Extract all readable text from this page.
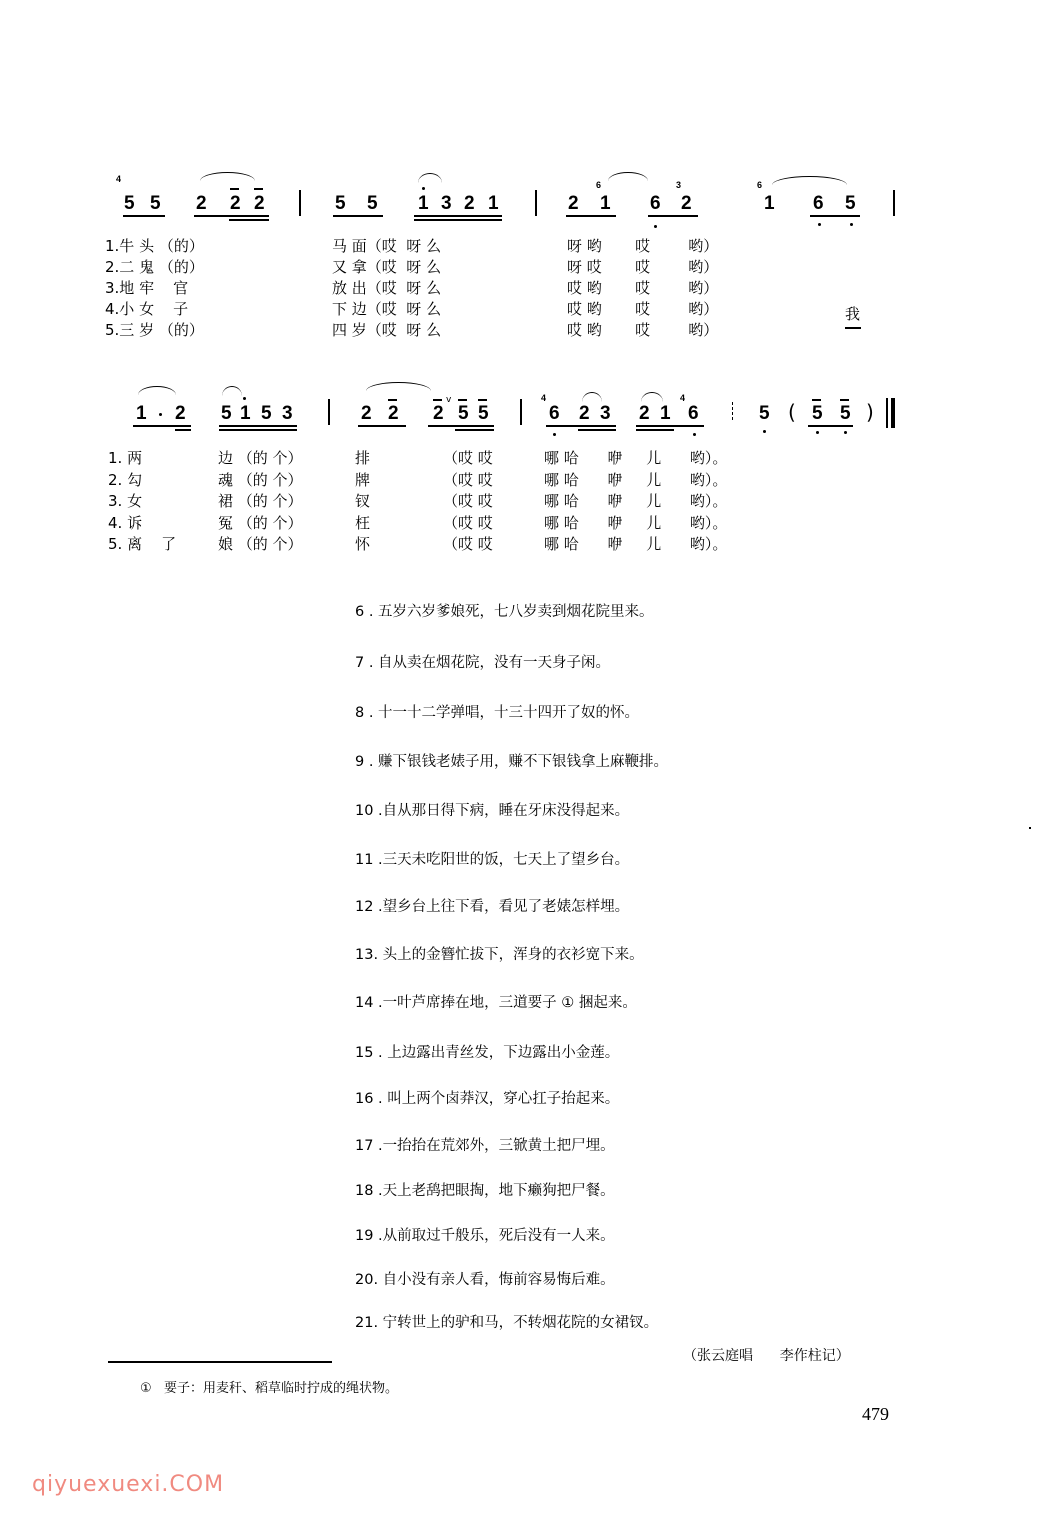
4
5 5 2 2 2	5 5 1 3 2 1	2
6
1 6
3
2
6
1 6 5
1.牛 头 （的）	马 面（哎  呀 么	呀 哟       哎        哟）
2.二 鬼 （的）	又 拿（哎  呀 么	呀 哎       哎        哟）
3.地 牢    官	放 出（哎  呀 么	哎 哟       哎        哟）
4.小 女    子	下 边（哎  呀 么	哎 哟       哎        哟）
5.三 岁 （的）	四 岁（哎  呀 么	哎 哟       哎        哟）
我
1 2 5 1 5 3	2 2 2
v
5 5
4
6 2 3 2 1
4
6	5 ( 5 5 )
1. 两	边 （的 个）	排	（哎 哎	哪 哈      咿     儿      哟）。
2. 勾	魂 （的 个）	牌	（哎 哎	哪 哈      咿     儿      哟）。
3. 女	裙 （的 个）	钗	（哎 哎	哪 哈      咿     儿      哟）。
4. 诉	冤 （的 个）	枉	（哎 哎	哪 哈      咿     儿      哟）。
5. 离    了	娘 （的 个）	怀	（哎 哎	哪 哈      咿     儿      哟）。
6 . 五岁六岁爹娘死，七八岁卖到烟花院里来。
7 . 自从卖在烟花院，没有一天身子闲。
8 . 十一十二学弹唱，十三十四开了奴的怀。
9 . 赚下银钱老婊子用，赚不下银钱拿上麻鞭排。
10 .自从那日得下病，睡在牙床没得起来。
11 .三天未吃阳世的饭，七天上了望乡台。
12 .望乡台上往下看，看见了老婊怎样埋。
13. 头上的金簪忙拔下，浑身的衣衫宽下来。
14 .一叶芦席捧在地，三道要子 ① 捆起来。
15 . 上边露出青丝发，下边露出小金莲。
16 . 叫上两个卤莽汉，穿心扛子抬起来。
17 .一抬抬在荒郊外，三锨黄土把尸埋。
18 .天上老鸹把眼掏，地下癞狗把尸餐。
19 .从前取过千般乐，死后没有一人来。
20. 自小没有亲人看，悔前容易悔后难。
21. 宁转世上的驴和马，不转烟花院的女裙钗。
（张云庭唱      李作柱记）
①   要子：用麦秆、稻草临时拧成的绳状物。
479
qiyuexuexi.COM
